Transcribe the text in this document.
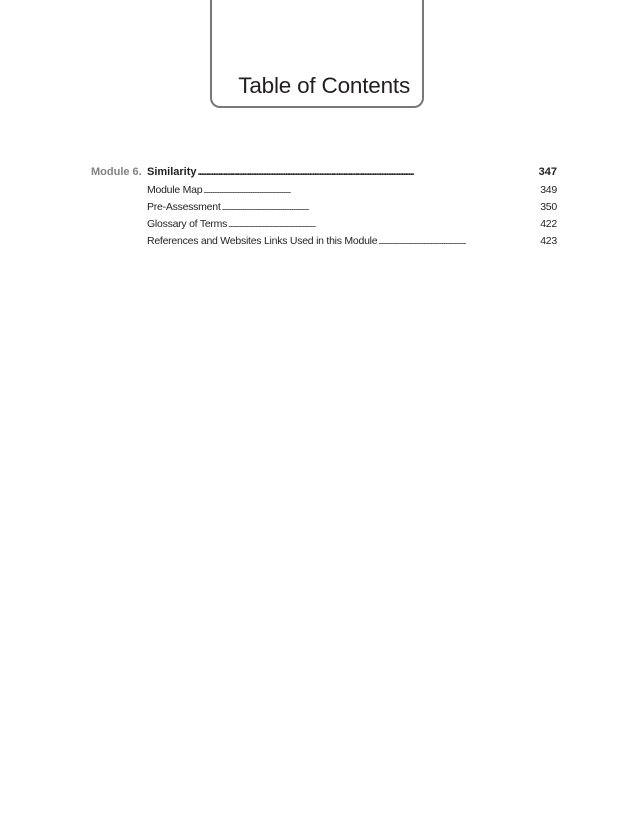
Table of Contents
Module 6. Similarity . . .	347
Module Map . . .	349
Pre-Assessment . . .	350
Glossary of Terms . . .	422
References and Websites Links Used in this Module . . .	423
